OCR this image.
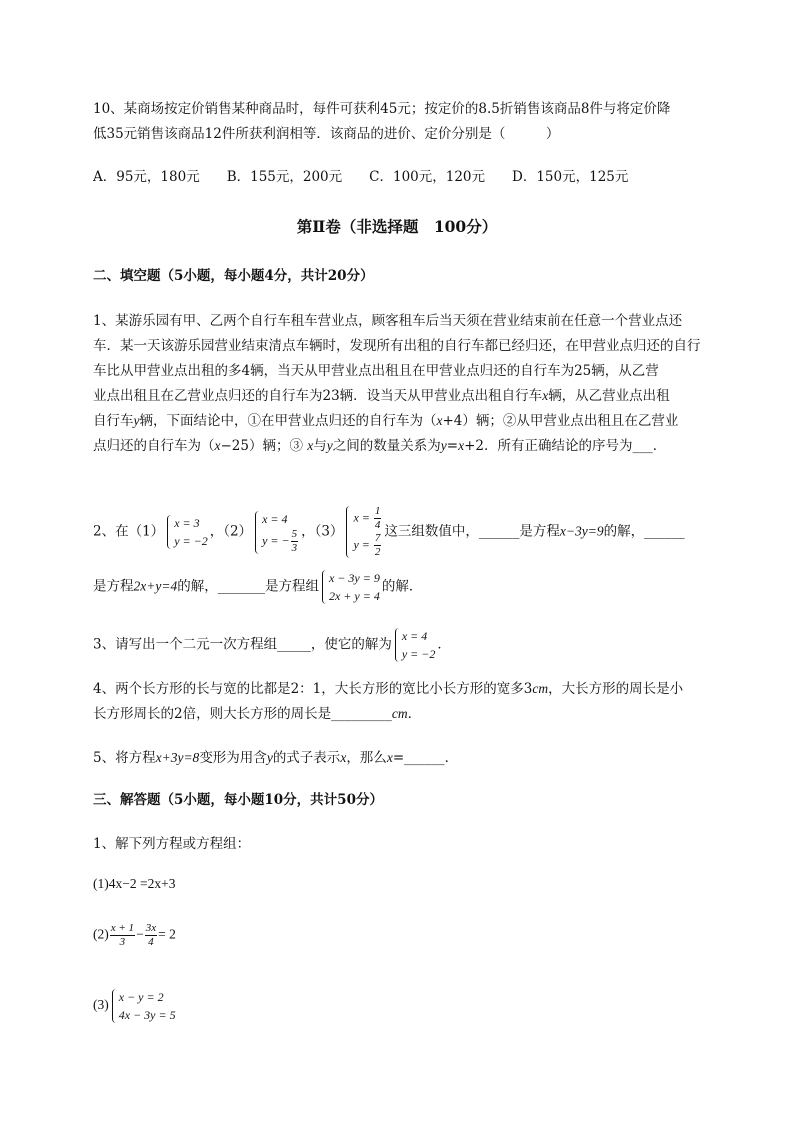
10、某商场按定价销售某种商品时，每件可获利45元；按定价的8.5折销售该商品8件与将定价降
低35元销售该商品12件所获利润相等．该商品的进价、定价分别是（　　　）
A．95元，180元　　B．155元，200元　　C．100元，120元　　D．150元，125元
第Ⅱ卷（非选择题　100分）
二、填空题（5小题，每小题4分，共计20分）
1、某游乐园有甲、乙两个自行车租车营业点，顾客租车后当天须在营业结束前在任意一个营业点还
车．某一天该游乐园营业结束清点车辆时，发现所有出租的自行车都已经归还，在甲营业点归还的自行
车比从甲营业点出租的多4辆，当天从甲营业点出租且在甲营业点归还的自行车为25辆，从乙营
业点出租且在乙营业点归还的自行车为23辆．设当天从甲营业点出租自行车x辆，从乙营业点出租
自行车y辆，下面结论中，①在甲营业点归还的自行车为（x+4）辆；②从甲营业点出租且在乙营业
点归还的自行车为（x−25）辆；③ x与y之间的数量关系为y=x+2．所有正确结论的序号为___．
2、在（1）
x = 3
y = −2
，（2）
x = 4
y = − $\frac{5}{3}$ ，（3）
$x = \frac{1}{4}$
$y = \frac{7}{2}$
这三组数值中，______是方程x−3y=9的解，______
是方程2x+y=4的解，_______是方程组
x − 3y = 9
2x + y = 4
的解．
3、请写出一个二元一次方程组_____，使它的解为
x = 4
y = −2
．
4、两个长方形的长与宽的比都是2：1，大长方形的宽比小长方形的宽多3cm，大长方形的周长是小
长方形周长的2倍，则大长方形的周长是_________cm．
5、将方程x+3y=8变形为用含y的式子表示x，那么x=______．
三、解答题（5小题，每小题10分，共计50分）
1、解下列方程或方程组：
(1)4x−2 =2x+3
$(2) \frac{x + 1}{3} - \frac{3x}{4} = 2$
(3)
x − y = 2
4x − 3y = 5
